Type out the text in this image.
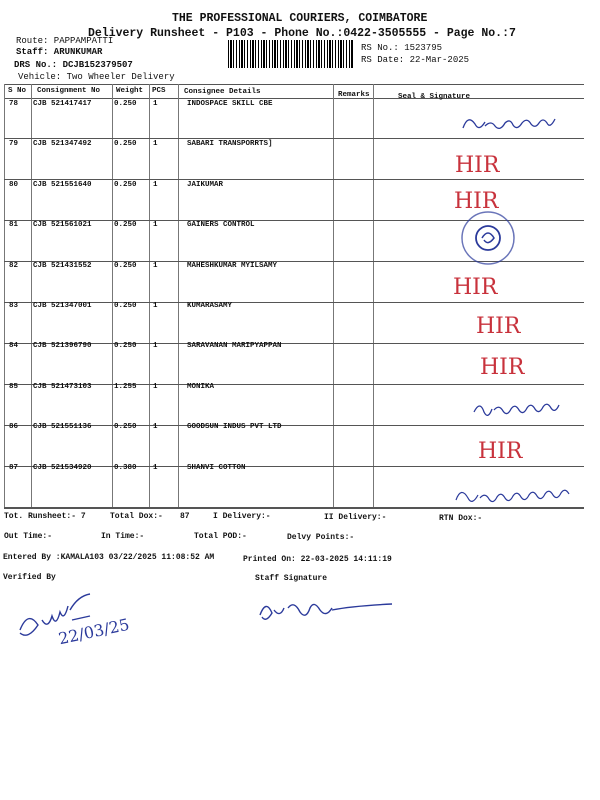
THE PROFESSIONAL COURIERS, COIMBATORE
Delivery Runsheet - P103 - Phone No.:0422-3505555 - Page No.:7
Route: PAPPAMPATTI
Staff: ARUNKUMAR
DRS No.: DCJB152379507
Vehicle: Two Wheeler Delivery
RS No.: 1523795
RS Date: 22-Mar-2025
S No Consignment No Weight PCS Consignee Details	Remarks	Seal & Signature
78 CJB 521417417	0.250 1	INDOSPACE SKILL CBE
79 CJB 521347492	0.250 1	SABARI TRANSPORRTS]
80 CJB 521551640	0.250 1	JAIKUMAR
81 CJB 521561021	0.250 1	GAINERS CONTROL
82 CJB 521431552	0.250 1	MAHESHKUMAR MYILSAMY
83 CJB 521347001	0.250 1	KUMARASAMY
84 CJB 521396790	0.250 1	SARAVANAN MARIPYAPPAN
85 CJB 521473103	1.255 1	MONIKA
86 CJB 521551136	0.250 1	GOODSUN INDUS PVT LTD
87 CJB 521534920	0.380 1	SHANVI COTTON
Tot. Runsheet:- 7	Total Dox:- 87	I Delivery:-	II Delivery:-	RTN Dox:-
Out Time:-	In Time:-	Total POD:-	Delvy Points:-
Entered By :KAMALA103 03/22/2025 11:08:52 AM	Printed On: 22-03-2025 14:11:19
Verified By	Staff Signature
HIR
HIR
HIR
HIR
HIR
HIR
22/03/25
